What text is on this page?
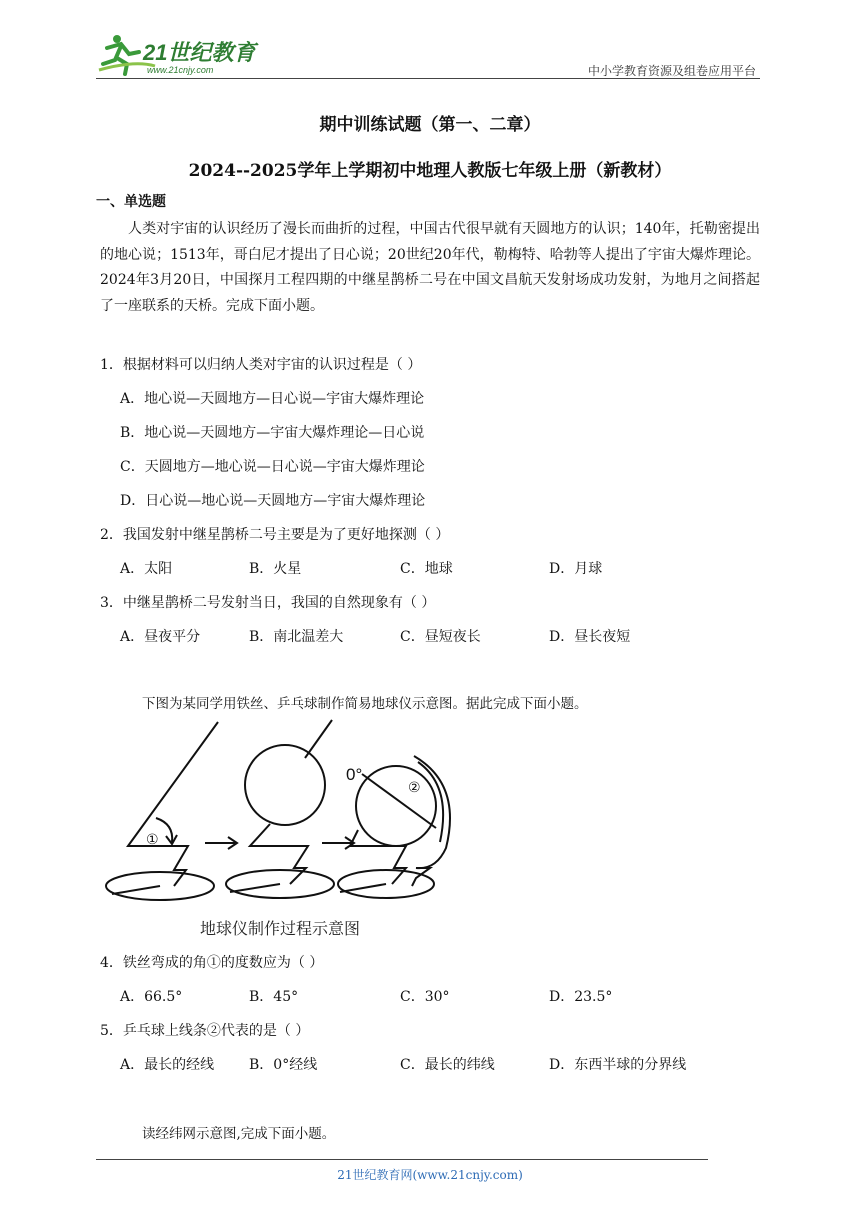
21世纪教育
www.21cnjy.com	中小学教育资源及组卷应用平台
期中训练试题（第一、二章）
2024--2025学年上学期初中地理人教版七年级上册（新教材）
一、单选题
人类对宇宙的认识经历了漫长而曲折的过程，中国古代很早就有天圆地方的认识；140年，托勒密提出的地心说；1513年，哥白尼才提出了日心说；20世纪20年代，勒梅特、哈勃等人提出了宇宙大爆炸理论。2024年3月20日，中国探月工程四期的中继星鹊桥二号在中国文昌航天发射场成功发射，为地月之间搭起了一座联系的天桥。完成下面小题。
1．根据材料可以归纳人类对宇宙的认识过程是（ ）
A．地心说—天圆地方—日心说—宇宙大爆炸理论
B．地心说—天圆地方—宇宙大爆炸理论—日心说
C．天圆地方—地心说—日心说—宇宙大爆炸理论
D．日心说—地心说—天圆地方—宇宙大爆炸理论
2．我国发射中继星鹊桥二号主要是为了更好地探测（ ）
A．太阳	B．火星	C．地球	D．月球
3．中继星鹊桥二号发射当日，我国的自然现象有（ ）
A．昼夜平分	B．南北温差大	C．昼短夜长	D．昼长夜短
下图为某同学用铁丝、乒乓球制作简易地球仪示意图。据此完成下面小题。
①
②
0°
地球仪制作过程示意图
4．铁丝弯成的角①的度数应为（ ）
A．66.5°	B．45°	C．30°	D．23.5°
5．乒乓球上线条②代表的是（ ）
A．最长的经线 B．0°经线	C．最长的纬线	D．东西半球的分界线
读经纬网示意图,完成下面小题。
21世纪教育网(www.21cnjy.com)
